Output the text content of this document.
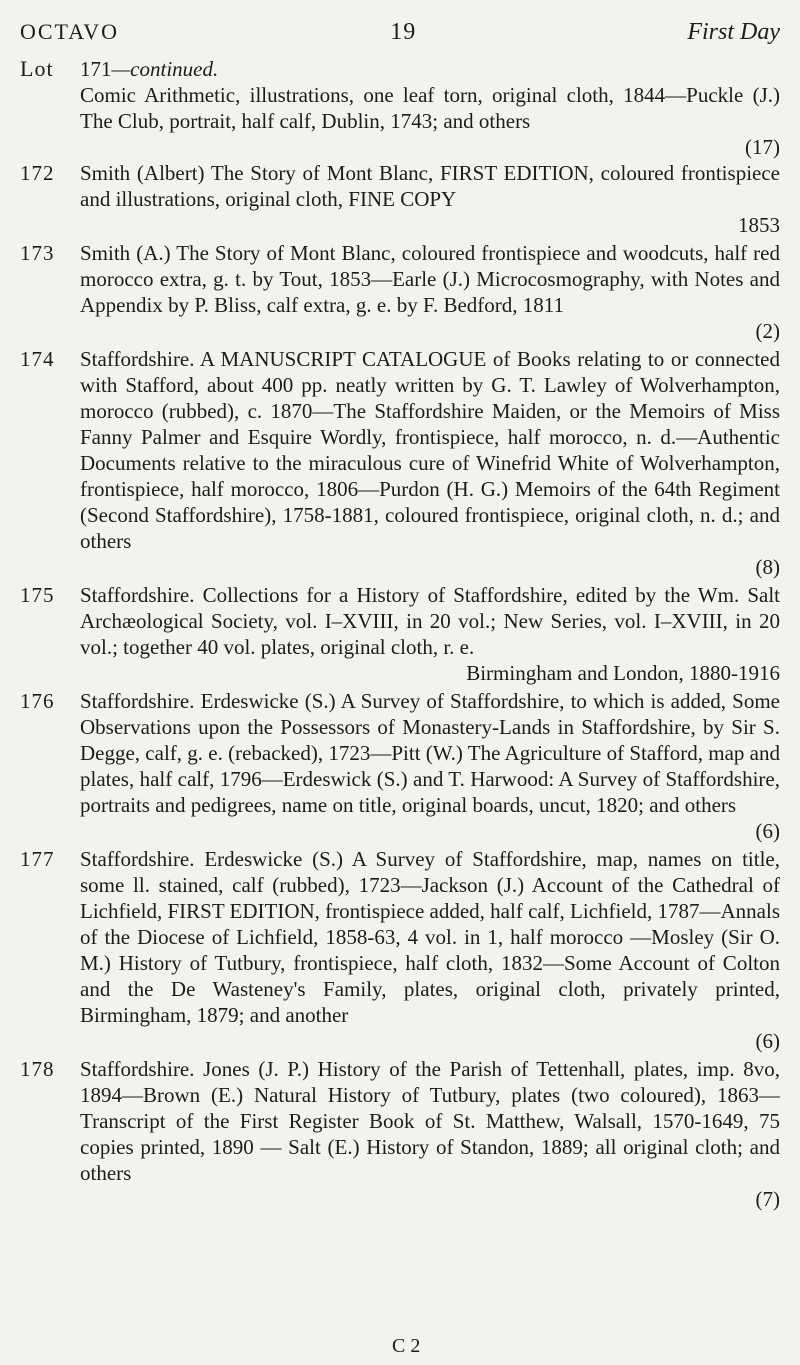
OCTAVO	19	First Day
Lot 171—continued.
Comic Arithmetic, illustrations, one leaf torn, original cloth, 1844—Puckle (J.) The Club, portrait, half calf, Dublin, 1743; and others
(17)
172	Smith (Albert) The Story of Mont Blanc, FIRST EDITION, coloured frontispiece and illustrations, original cloth, FINE COPY
1853
173	Smith (A.) The Story of Mont Blanc, coloured frontispiece and woodcuts, half red morocco extra, g. t. by Tout, 1853—Earle (J.) Microcosmography, with Notes and Appendix by P. Bliss, calf extra, g. e. by F. Bedford, 1811
(2)
174	Staffordshire. A MANUSCRIPT CATALOGUE of Books relating to or connected with Stafford, about 400 pp. neatly written by G. T. Lawley of Wolverhampton, morocco (rubbed), c. 1870—The Staffordshire Maiden, or the Memoirs of Miss Fanny Palmer and Esquire Wordly, frontispiece, half morocco, n. d.—Authentic Documents relative to the miraculous cure of Winefrid White of Wolverhampton, frontispiece, half morocco, 1806—Purdon (H. G.) Memoirs of the 64th Regiment (Second Staffordshire), 1758-1881, coloured frontispiece, original cloth, n. d.; and others
(8)
175	Staffordshire. Collections for a History of Staffordshire, edited by the Wm. Salt Archæological Society, vol. I–XVIII, in 20 vol.; New Series, vol. I–XVIII, in 20 vol.; together 40 vol. plates, original cloth, r. e.
Birmingham and London, 1880-1916
176	Staffordshire. Erdeswicke (S.) A Survey of Staffordshire, to which is added, Some Observations upon the Possessors of Monastery-Lands in Staffordshire, by Sir S. Degge, calf, g. e. (rebacked), 1723—Pitt (W.) The Agriculture of Stafford, map and plates, half calf, 1796—Erdeswick (S.) and T. Harwood: A Survey of Staffordshire, portraits and pedigrees, name on title, original boards, uncut, 1820; and others
(6)
177	Staffordshire. Erdeswicke (S.) A Survey of Staffordshire, map, names on title, some ll. stained, calf (rubbed), 1723—Jackson (J.) Account of the Cathedral of Lichfield, FIRST EDITION, frontispiece added, half calf, Lichfield, 1787—Annals of the Diocese of Lichfield, 1858-63, 4 vol. in 1, half morocco —Mosley (Sir O. M.) History of Tutbury, frontispiece, half cloth, 1832—Some Account of Colton and the De Wasteney's Family, plates, original cloth, privately printed, Birmingham, 1879; and another
(6)
178	Staffordshire. Jones (J. P.) History of the Parish of Tettenhall, plates, imp. 8vo, 1894—Brown (E.) Natural History of Tutbury, plates (two coloured), 1863—Transcript of the First Register Book of St. Matthew, Walsall, 1570-1649, 75 copies printed, 1890 — Salt (E.) History of Standon, 1889; all original cloth; and others
(7)
C 2
